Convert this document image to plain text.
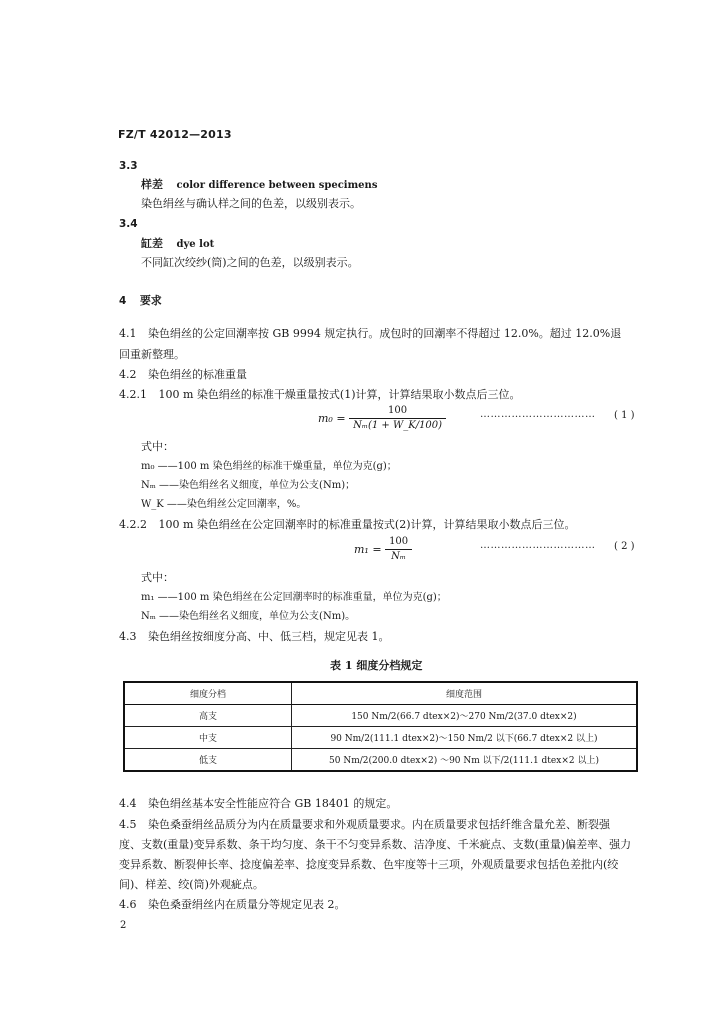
FZ/T 42012—2013
3.3
样差 color difference between specimens
染色绢丝与确认样之间的色差，以级别表示。
3.4
缸差 dye lot
不同缸次绞纱(筒)之间的色差，以级别表示。
4 要求
4.1 染色绢丝的公定回潮率按 GB 9994 规定执行。成包时的回潮率不得超过 12.0%。超过 12.0%退
回重新整理。
4.2 染色绢丝的标准重量
4.2.1 100 m 染色绢丝的标准干燥重量按式(1)计算，计算结果取小数点后三位。
$m_0 = \frac{100}{\text{Nₘ(1 + W\_K/100)}}$	…………………………… ( 1 )
式中：
m₀ ——100 m 染色绢丝的标准干燥重量，单位为克(g)；
Nₘ ——染色绢丝名义细度，单位为公支(Nm)；
W_K ——染色绢丝公定回潮率，%。
4.2.2 100 m 染色绢丝在公定回潮率时的标准重量按式(2)计算，计算结果取小数点后三位。
$m_1 = \frac{100}{\text{Nₘ}}$	…………………………… ( 2 )
式中：
m₁ ——100 m 染色绢丝在公定回潮率时的标准重量，单位为克(g)；
Nₘ ——染色绢丝名义细度，单位为公支(Nm)。
4.3 染色绢丝按细度分高、中、低三档，规定见表 1。
表 1 细度分档规定
细度分档	细度范围
高支	150 Nm/2(66.7 dtex×2)～270 Nm/2(37.0 dtex×2)
中支	90 Nm/2(111.1 dtex×2)～150 Nm/2 以下(66.7 dtex×2 以上)
低支	50 Nm/2(200.0 dtex×2) ～90 Nm 以下/2(111.1 dtex×2 以上)
4.4 染色绢丝基本安全性能应符合 GB 18401 的规定。
4.5 染色桑蚕绢丝品质分为内在质量要求和外观质量要求。内在质量要求包括纤维含量允差、断裂强
度、支数(重量)变异系数、条干均匀度、条干不匀变异系数、洁净度、千米疵点、支数(重量)偏差率、强力
变异系数、断裂伸长率、捻度偏差率、捻度变异系数、色牢度等十三项，外观质量要求包括色差批内(绞
间)、样差、绞(筒)外观疵点。
4.6 染色桑蚕绢丝内在质量分等规定见表 2。
2
